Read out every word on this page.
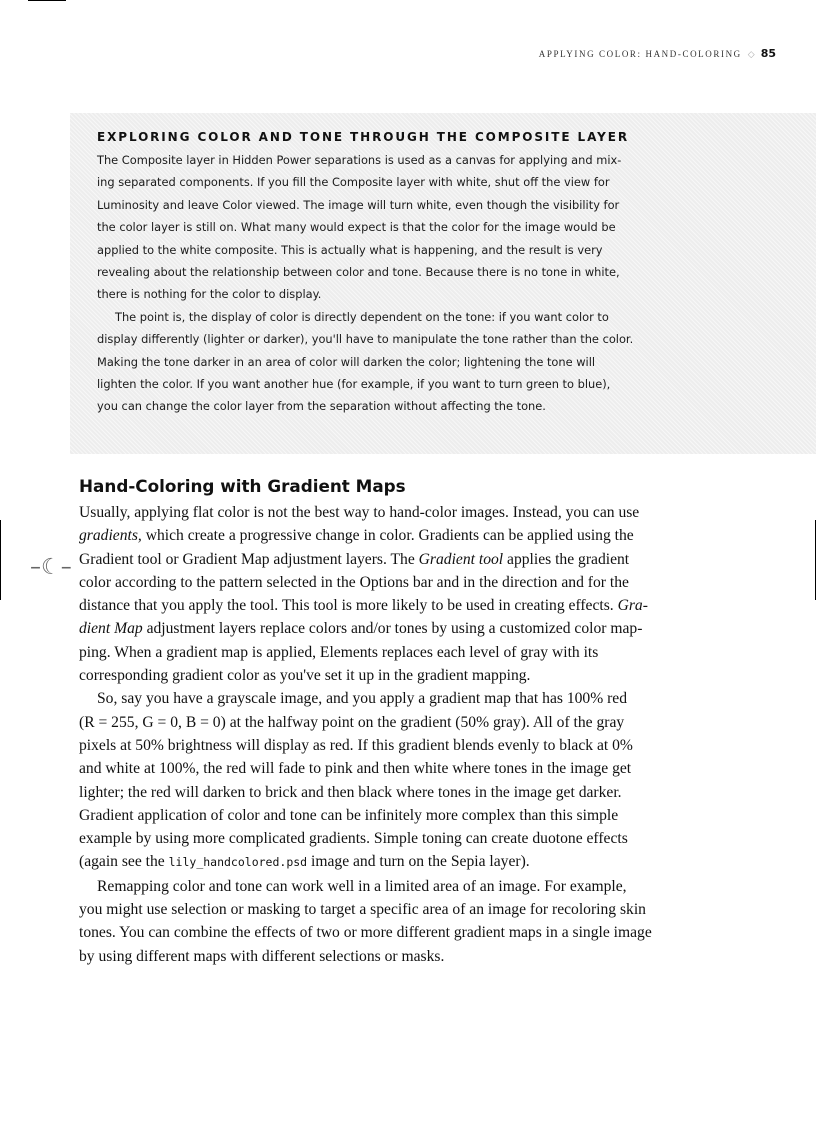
–☾–
APPLYING COLOR: HAND-COLORING ◇ 85
EXPLORING COLOR AND TONE THROUGH THE COMPOSITE LAYER

The Composite layer in Hidden Power separations is used as a canvas for applying and mix-
ing separated components. If you fill the Composite layer with white, shut off the view for
Luminosity and leave Color viewed. The image will turn white, even though the visibility for
the color layer is still on. What many would expect is that the color for the image would be
applied to the white composite. This is actually what is happening, and the result is very
revealing about the relationship between color and tone. Because there is no tone in white,
there is nothing for the color to display.

The point is, the display of color is directly dependent on the tone: if you want color to
display differently (lighter or darker), you'll have to manipulate the tone rather than the color.
Making the tone darker in an area of color will darken the color; lightening the tone will
lighten the color. If you want another hue (for example, if you want to turn green to blue),
you can change the color layer from the separation without affecting the tone.

Hand-Coloring with Gradient Maps

Usually, applying flat color is not the best way to hand-color images. Instead, you can use
gradients, which create a progressive change in color. Gradients can be applied using the
Gradient tool or Gradient Map adjustment layers. The Gradient tool applies the gradient
color according to the pattern selected in the Options bar and in the direction and for the
distance that you apply the tool. This tool is more likely to be used in creating effects. Gra-
dient Map adjustment layers replace colors and/or tones by using a customized color map-
ping. When a gradient map is applied, Elements replaces each level of gray with its
corresponding gradient color as you've set it up in the gradient mapping.

So, say you have a grayscale image, and you apply a gradient map that has 100% red
(R = 255, G = 0, B = 0) at the halfway point on the gradient (50% gray). All of the gray
pixels at 50% brightness will display as red. If this gradient blends evenly to black at 0%
and white at 100%, the red will fade to pink and then white where tones in the image get
lighter; the red will darken to brick and then black where tones in the image get darker.
Gradient application of color and tone can be infinitely more complex than this simple
example by using more complicated gradients. Simple toning can create duotone effects
(again see the lily_handcolored.psd image and turn on the Sepia layer).

Remapping color and tone can work well in a limited area of an image. For example,
you might use selection or masking to target a specific area of an image for recoloring skin
tones. You can combine the effects of two or more different gradient maps in a single image
by using different maps with different selections or masks.
